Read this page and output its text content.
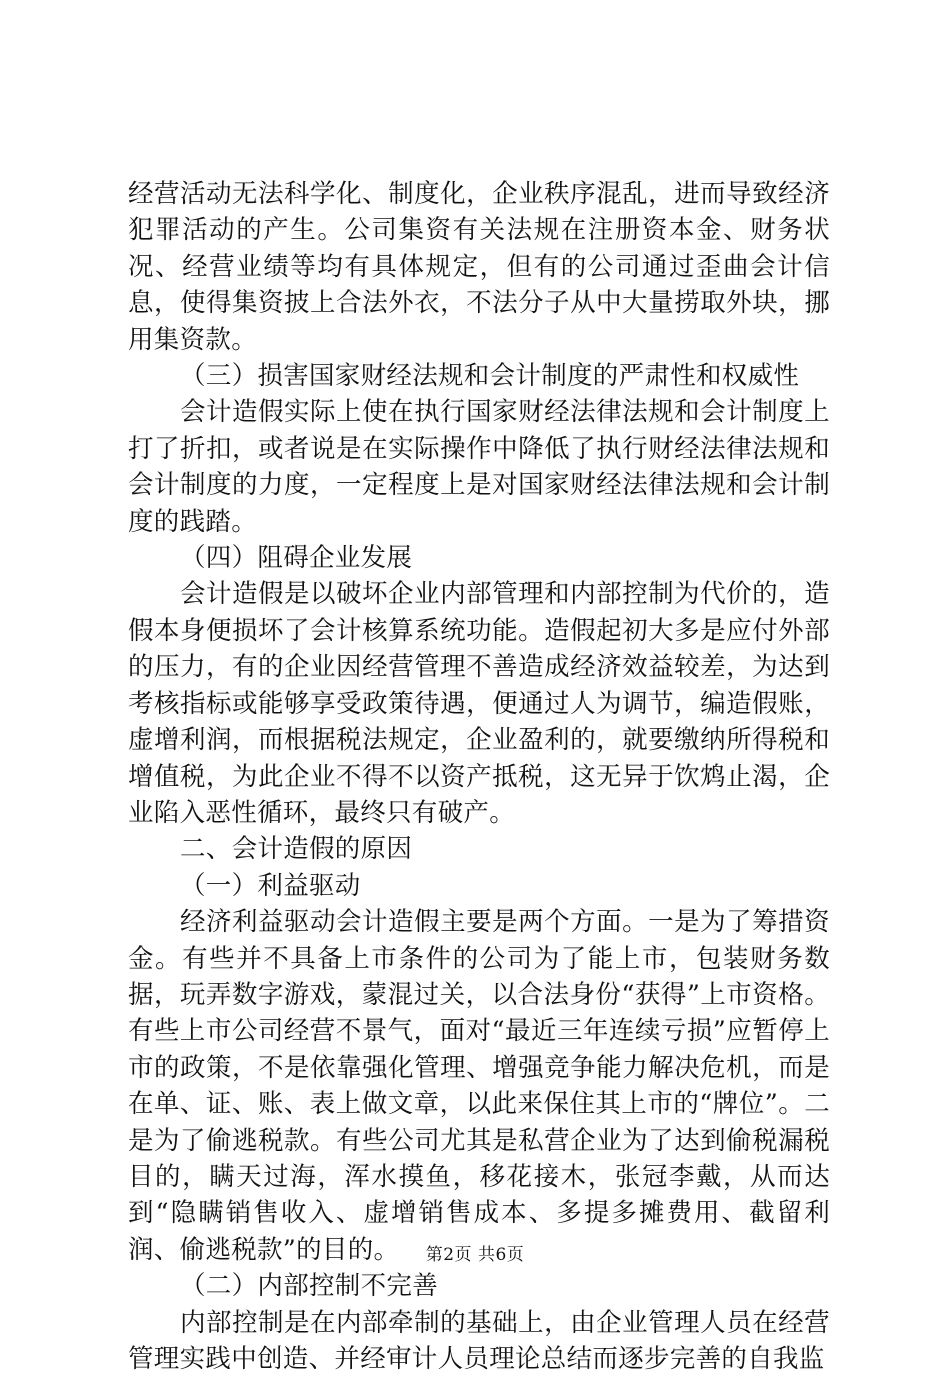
经营活动无法科学化、制度化，企业秩序混乱，进而导致经济犯罪活动的产生。公司集资有关法规在注册资本金、财务状况、经营业绩等均有具体规定，但有的公司通过歪曲会计信息，使得集资披上合法外衣，不法分子从中大量捞取外块，挪用集资款。

（三）损害国家财经法规和会计制度的严肃性和权威性

会计造假实际上使在执行国家财经法律法规和会计制度上打了折扣，或者说是在实际操作中降低了执行财经法律法规和会计制度的力度，一定程度上是对国家财经法律法规和会计制度的践踏。

（四）阻碍企业发展

会计造假是以破坏企业内部管理和内部控制为代价的，造假本身便损坏了会计核算系统功能。造假起初大多是应付外部的压力，有的企业因经营管理不善造成经济效益较差，为达到考核指标或能够享受政策待遇，便通过人为调节，编造假账，虚增利润，而根据税法规定，企业盈利的，就要缴纳所得税和增值税，为此企业不得不以资产抵税，这无异于饮鸩止渴，企业陷入恶性循环，最终只有破产。

二、会计造假的原因

（一）利益驱动

经济利益驱动会计造假主要是两个方面。一是为了筹措资金。有些并不具备上市条件的公司为了能上市，包装财务数据，玩弄数字游戏，蒙混过关，以合法身份“获得”上市资格。有些上市公司经营不景气，面对“最近三年连续亏损”应暂停上市的政策，不是依靠强化管理、增强竞争能力解决危机，而是在单、证、账、表上做文章，以此来保住其上市的“牌位”。二是为了偷逃税款。有些公司尤其是私营企业为了达到偷税漏税目的，瞒天过海，浑水摸鱼，移花接木，张冠李戴，从而达到“隐瞒销售收入、虚增销售成本、多提多摊费用、截留利润、偷逃税款”的目的。

（二）内部控制不完善

内部控制是在内部牵制的基础上，由企业管理人员在经营管理实践中创造、并经审计人员理论总结而逐步完善的自我监

第2页 共6页
